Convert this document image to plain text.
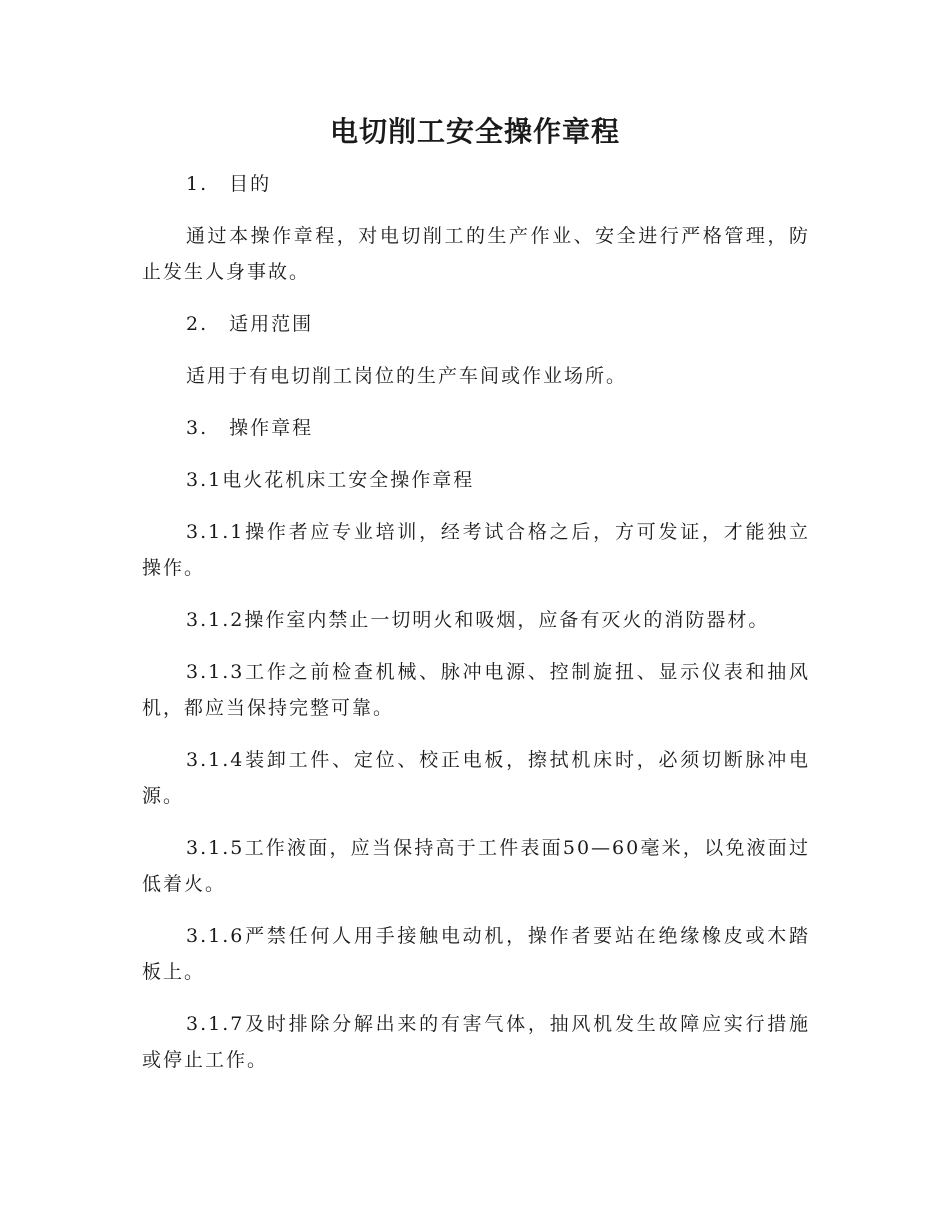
电切削工安全操作章程

1.　目的

通过本操作章程，对电切削工的生产作业、安全进行严格管理，防止发生人身事故。

2.　适用范围

适用于有电切削工岗位的生产车间或作业场所。

3.　操作章程

3.1电火花机床工安全操作章程

3.1.1操作者应专业培训，经考试合格之后，方可发证，才能独立操作。

3.1.2操作室内禁止一切明火和吸烟，应备有灭火的消防器材。

3.1.3工作之前检查机械、脉冲电源、控制旋扭、显示仪表和抽风机，都应当保持完整可靠。

3.1.4装卸工件、定位、校正电板，擦拭机床时，必须切断脉冲电源。

3.1.5工作液面，应当保持高于工件表面50—60毫米，以免液面过低着火。

3.1.6严禁任何人用手接触电动机，操作者要站在绝缘橡皮或木踏板上。

3.1.7及时排除分解出来的有害气体，抽风机发生故障应实行措施或停止工作。
